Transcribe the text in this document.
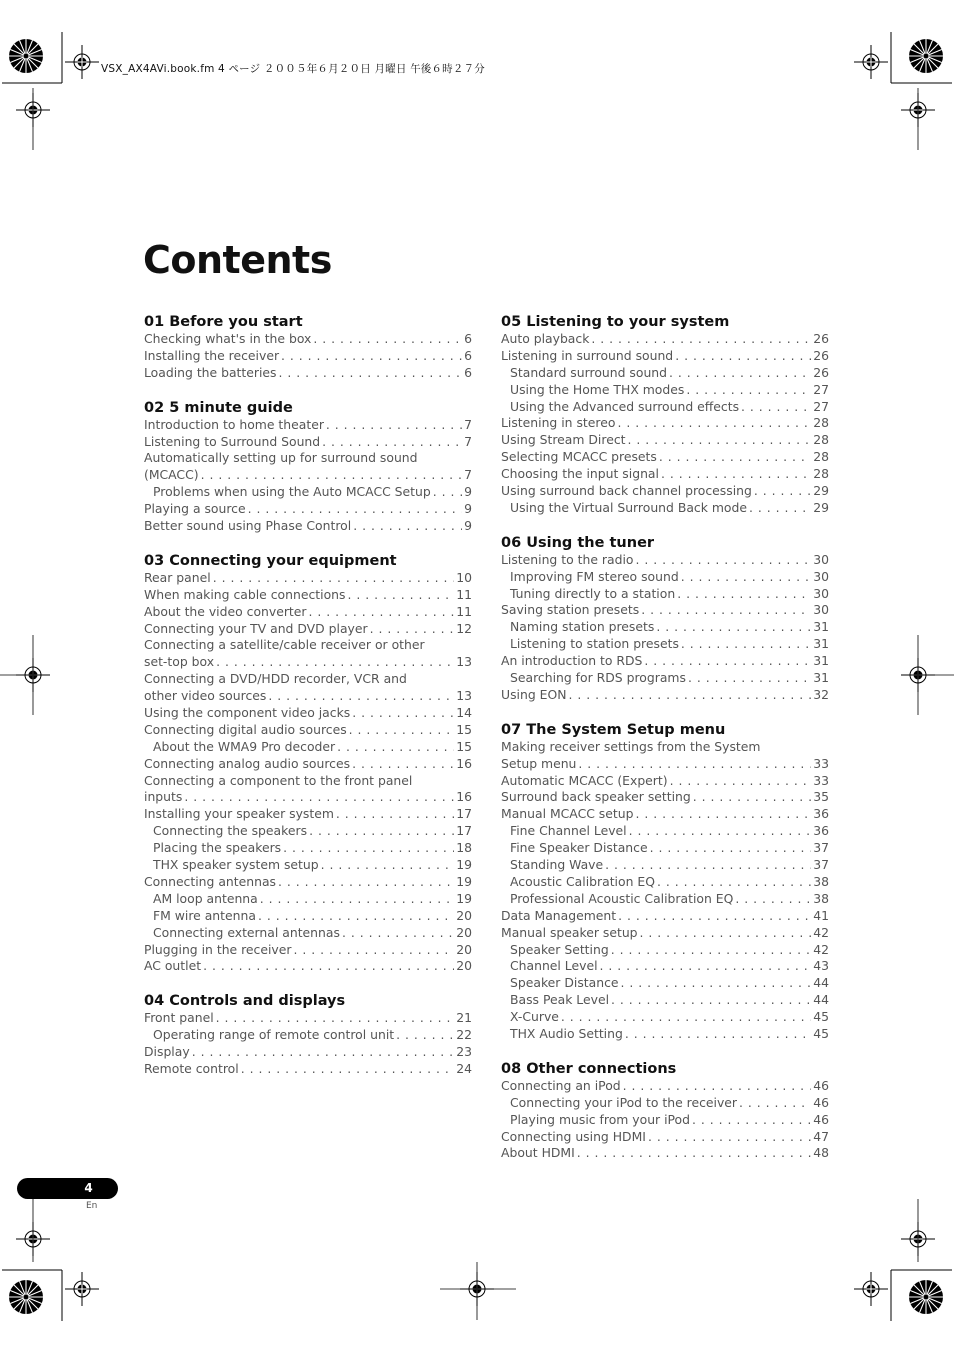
VSX_AX4AVi.book.fm 4 ページ ２００５年６月２０日 月曜日 午後６時２７分
Contents
01 Before you start
Checking what's in the box . . .	6
Installing the receiver . . .	6
Loading the batteries . . .	6
02 5 minute guide
Introduction to home theater . . .	7
Listening to Surround Sound . . .	7
Automatically setting up for surround sound
(MCACC) . . .	7
Problems when using the Auto MCACC Setup . . .	9
Playing a source . . .	9
Better sound using Phase Control . . .	9
03 Connecting your equipment
Rear panel . . .	10
When making cable connections . . .	11
About the video converter . . .	11
Connecting your TV and DVD player . . .	12
Connecting a satellite/cable receiver or other
set-top box . . .	13
Connecting a DVD/HDD recorder, VCR and
other video sources . . .	13
Using the component video jacks . . .	14
Connecting digital audio sources . . .	15
About the WMA9 Pro decoder . . .	15
Connecting analog audio sources . . .	16
Connecting a component to the front panel
inputs . . .	16
Installing your speaker system . . .	17
Connecting the speakers . . .	17
Placing the speakers . . .	18
THX speaker system setup . . .	19
Connecting antennas . . .	19
AM loop antenna . . .	19
FM wire antenna . . .	20
Connecting external antennas . . .	20
Plugging in the receiver . . .	20
AC outlet . . .	20
04 Controls and displays
Front panel . . .	21
Operating range of remote control unit . . .	22
Display . . .	23
Remote control . . .	24
05 Listening to your system
Auto playback . . .	26
Listening in surround sound . . .	26
Standard surround sound . . .	26
Using the Home THX modes . . .	27
Using the Advanced surround effects . . .	27
Listening in stereo . . .	28
Using Stream Direct . . .	28
Selecting MCACC presets . . .	28
Choosing the input signal . . .	28
Using surround back channel processing . . .	29
Using the Virtual Surround Back mode . . .	29
06 Using the tuner
Listening to the radio . . .	30
Improving FM stereo sound . . .	30
Tuning directly to a station . . .	30
Saving station presets . . .	30
Naming station presets . . .	31
Listening to station presets . . .	31
An introduction to RDS . . .	31
Searching for RDS programs . . .	31
Using EON . . .	32
07 The System Setup menu
Making receiver settings from the System
Setup menu . . .	33
Automatic MCACC (Expert) . . .	33
Surround back speaker setting . . .	35
Manual MCACC setup . . .	36
Fine Channel Level . . .	36
Fine Speaker Distance . . .	37
Standing Wave . . .	37
Acoustic Calibration EQ . . .	38
Professional Acoustic Calibration EQ . . .	38
Data Management . . .	41
Manual speaker setup . . .	42
Speaker Setting . . .	42
Channel Level . . .	43
Speaker Distance . . .	44
Bass Peak Level . . .	44
X-Curve . . .	45
THX Audio Setting . . .	45
08 Other connections
Connecting an iPod . . .	46
Connecting your iPod to the receiver . . .	46
Playing music from your iPod . . .	46
Connecting using HDMI . . .	47
About HDMI . . .	48
4
En
